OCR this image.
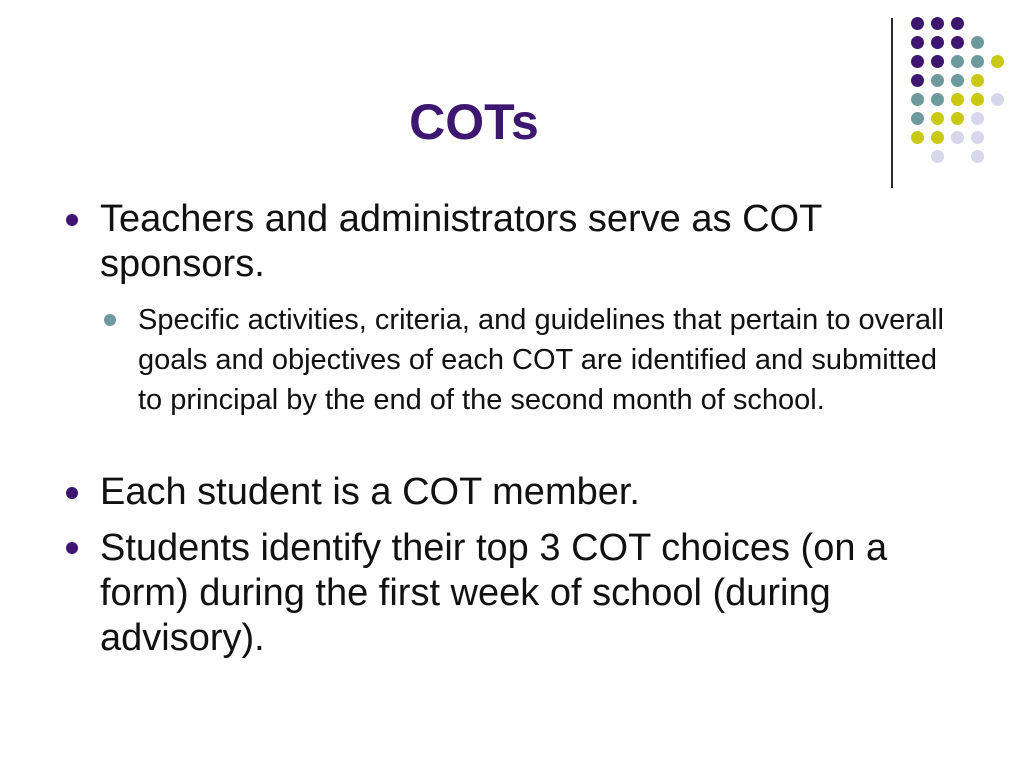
COTs
Teachers and administrators serve as COT sponsors.
Specific activities, criteria, and guidelines that pertain to overall goals and objectives of each COT are identified and submitted to principal by the end of the second month of school.
Each student is a COT member.
Students identify their top 3 COT choices (on a form) during the first week of school (during advisory).
